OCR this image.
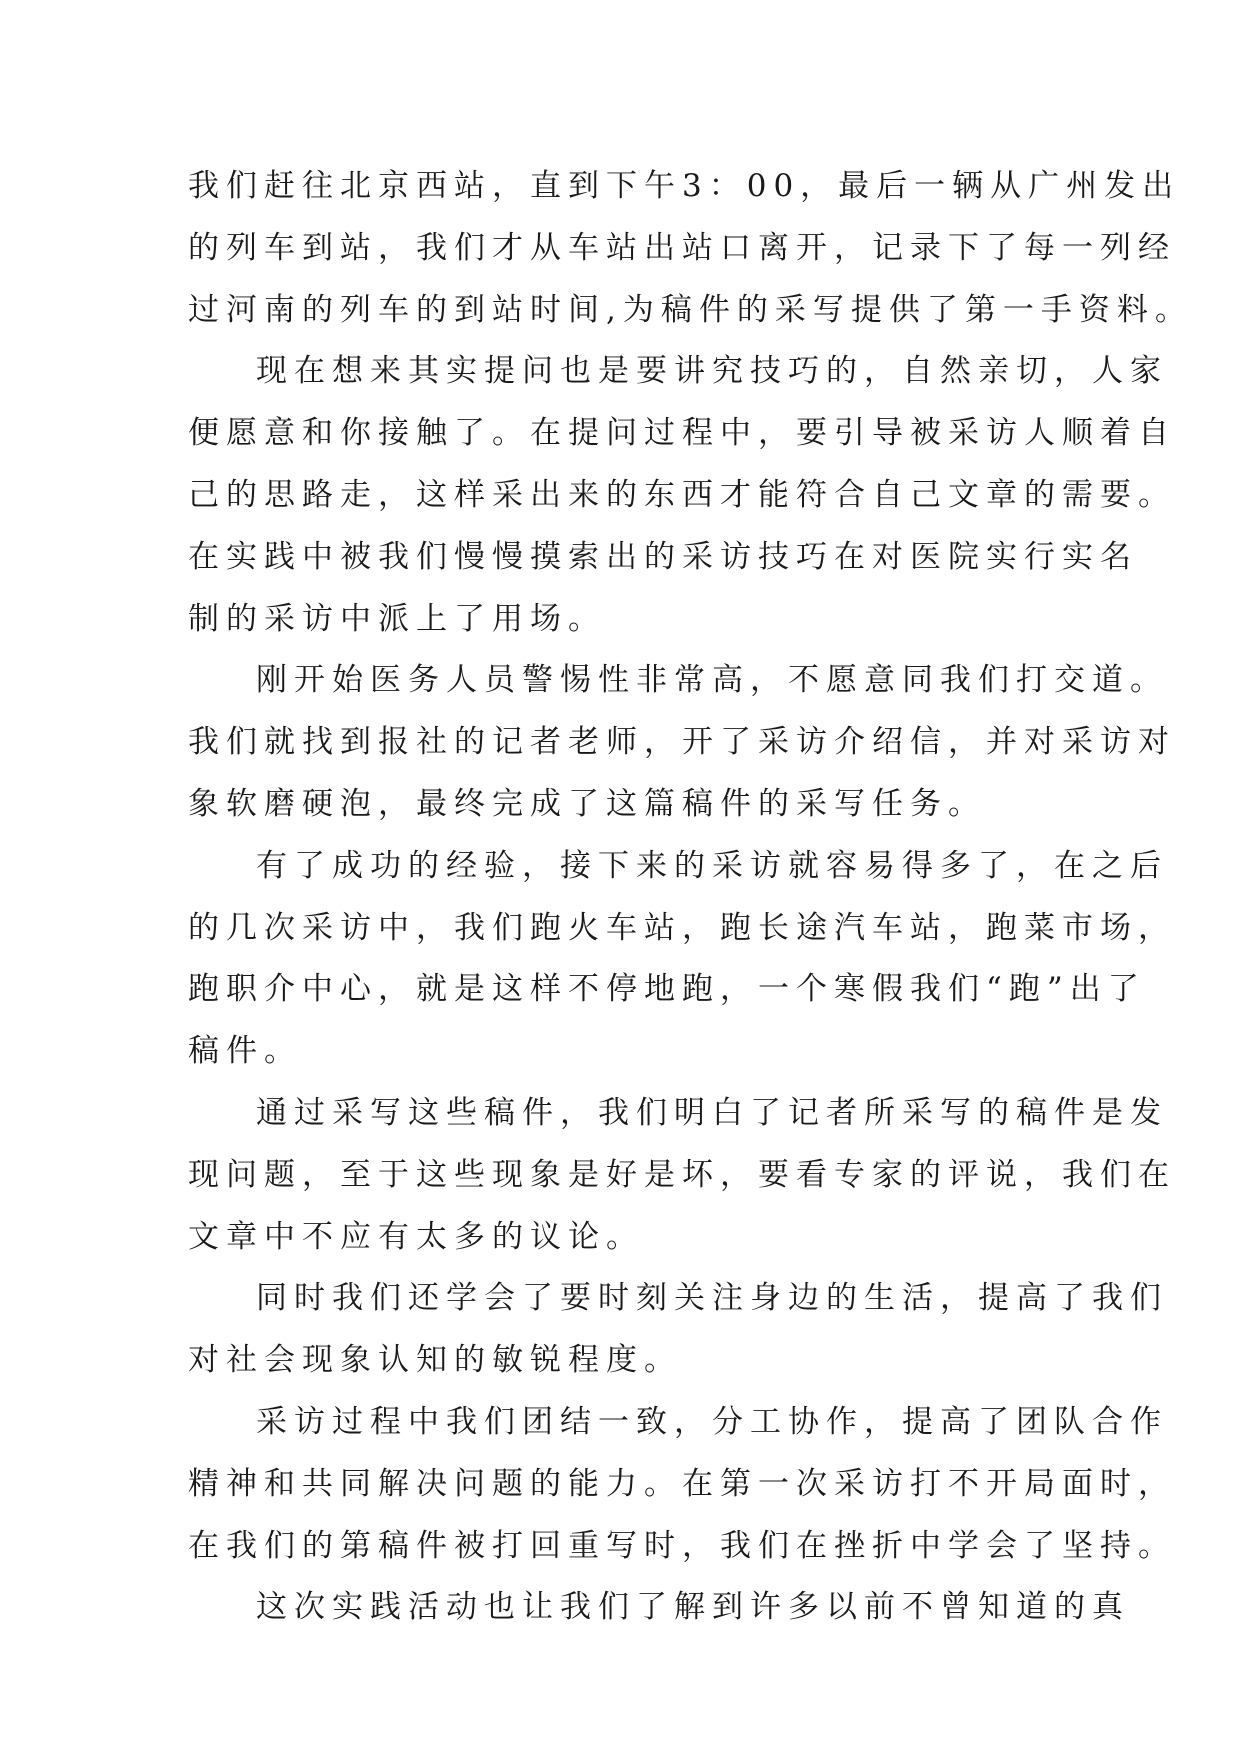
我们赶往北京西站，直到下午3：00，最后一辆从广州发出
的列车到站，我们才从车站出站口离开，记录下了每一列经
过河南的列车的到站时间,为稿件的采写提供了第一手资料。
现在想来其实提问也是要讲究技巧的，自然亲切，人家
便愿意和你接触了。在提问过程中，要引导被采访人顺着自
己的思路走，这样采出来的东西才能符合自己文章的需要。
在实践中被我们慢慢摸索出的采访技巧在对医院实行实名
制的采访中派上了用场。
刚开始医务人员警惕性非常高，不愿意同我们打交道。
我们就找到报社的记者老师，开了采访介绍信，并对采访对
象软磨硬泡，最终完成了这篇稿件的采写任务。
有了成功的经验，接下来的采访就容易得多了，在之后
的几次采访中，我们跑火车站，跑长途汽车站，跑菜市场，
跑职介中心，就是这样不停地跑，一个寒假我们“跑”出了
稿件。
通过采写这些稿件，我们明白了记者所采写的稿件是发
现问题，至于这些现象是好是坏，要看专家的评说，我们在
文章中不应有太多的议论。
同时我们还学会了要时刻关注身边的生活，提高了我们
对社会现象认知的敏锐程度。
采访过程中我们团结一致，分工协作，提高了团队合作
精神和共同解决问题的能力。在第一次采访打不开局面时，
在我们的第稿件被打回重写时，我们在挫折中学会了坚持。
这次实践活动也让我们了解到许多以前不曾知道的真
